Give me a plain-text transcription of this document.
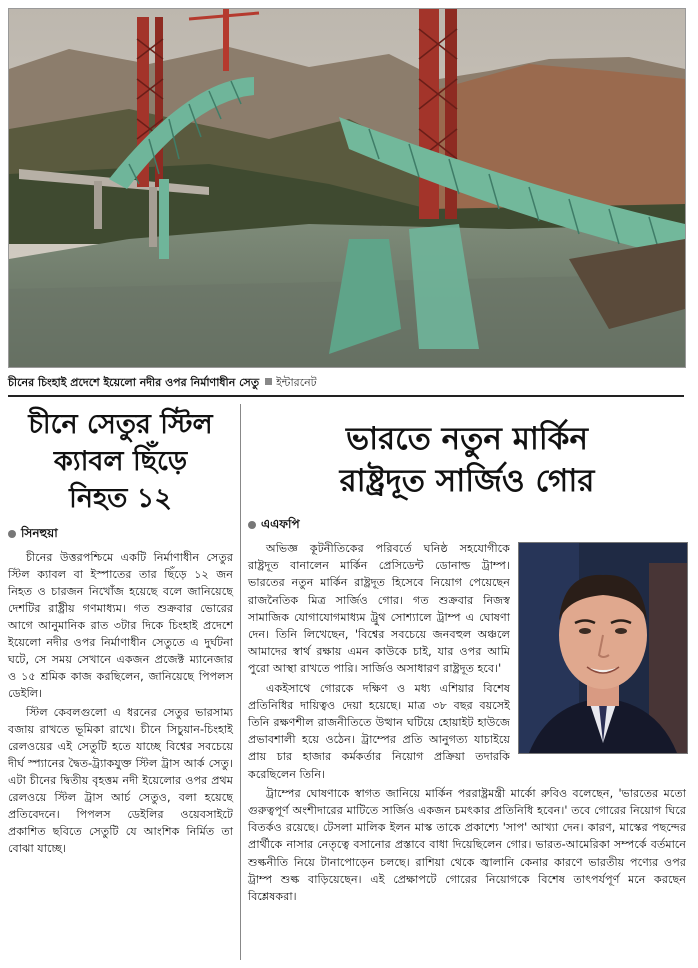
চীনের চিংহাই প্রদেশে ইয়েলো নদীর ওপর নির্মাণাধীন সেতু ইন্টারনেট
চীনে সেতুর স্টিল
ক্যাবল ছিঁড়ে
নিহত ১২
সিনহুয়া

চীনের উত্তরপশ্চিমে একটি নির্মাণাধীন সেতুর স্টিল ক্যাবল বা ইস্পাতের তার ছিঁড়ে ১২ জন নিহত ও চারজন নিখোঁজ হয়েছে বলে জানিয়েছে দেশটির রাষ্ট্রীয় গণমাধ্যম। গত শুক্রবার ভোরের আগে আনুমানিক রাত ৩টার দিকে চিংহাই প্রদেশে ইয়েলো নদীর ওপর নির্মাণাধীন সেতুতে এ দুর্ঘটনা ঘটে, সে সময় সেখানে একজন প্রজেক্ট ম্যানেজার ও ১৫ শ্রমিক কাজ করছিলেন, জানিয়েছে পিপলস ডেইলি।

স্টিল কেবলগুলো এ ধরনের সেতুর ভারসাম্য বজায় রাখতে ভূমিকা রাখে। চীনে সিচুয়ান-চিংহাই রেলওয়ের এই সেতুটি হতে যাচ্ছে বিশ্বের সবচেয়ে দীর্ঘ স্প্যানের দ্বৈত-ট্র্যাকযুক্ত স্টিল ট্রাস আর্ক সেতু। এটা চীনের দ্বিতীয় বৃহত্তম নদী ইয়েলোর ওপর প্রথম রেলওয়ে স্টিল ট্রাস আর্চ সেতুও, বলা হয়েছে প্রতিবেদনে। পিপলস ডেইলির ওয়েবসাইটে প্রকাশিত ছবিতে সেতুটি যে আংশিক নির্মিত তা বোঝা যাচ্ছে।

ভারতে নতুন মার্কিন
রাষ্ট্রদূত সার্জিও গোর
এএফপি

অভিজ্ঞ কূটনীতিকের পরিবর্তে ঘনিষ্ঠ সহযোগীকে রাষ্ট্রদূত বানালেন মার্কিন প্রেসিডেন্ট ডোনাল্ড ট্রাম্প। ভারতের নতুন মার্কিন রাষ্ট্রদূত হিসেবে নিয়োগ পেয়েছেন রাজনৈতিক মিত্র সার্জিও গোর। গত শুক্রবার নিজস্ব সামাজিক যোগাযোগমাধ্যম ট্রুথ সোশ্যালে ট্রাম্প এ ঘোষণা দেন। তিনি লিখেছেন, 'বিশ্বের সবচেয়ে জনবহুল অঞ্চলে আমাদের স্বার্থ রক্ষায় এমন কাউকে চাই, যার ওপর আমি পুরো আস্থা রাখতে পারি। সার্জিও অসাধারণ রাষ্ট্রদূত হবে।'

একইসাথে গোরকে দক্ষিণ ও মধ্য এশিয়ার বিশেষ প্রতিনিধির দায়িত্বও দেয়া হয়েছে। মাত্র ৩৮ বছর বয়সেই তিনি রক্ষণশীল রাজনীতিতে উত্থান ঘটিয়ে হোয়াইট হাউজে প্রভাবশালী হয়ে ওঠেন। ট্রাম্পের প্রতি আনুগত্য যাচাইয়ে প্রায় চার হাজার কর্মকর্তার নিয়োগ প্রক্রিয়া তদারকি করেছিলেন তিনি।

ট্রাম্পের ঘোষণাকে স্বাগত জানিয়ে মার্কিন পররাষ্ট্রমন্ত্রী মার্কো রুবিও বলেছেন, 'ভারতের মতো গুরুত্বপূর্ণ অংশীদারের মাটিতে সার্জিও একজন চমৎকার প্রতিনিধি হবেন।' তবে গোরের নিয়োগ ঘিরে বিতর্কও রয়েছে। টেসলা মালিক ইলন মাস্ক তাকে প্রকাশ্যে 'সাপ' আখ্যা দেন। কারণ, মাস্কের পছন্দের প্রার্থীকে নাসার নেতৃত্বে বসানোর প্রস্তাবে বাধা দিয়েছিলেন গোর। ভারত-আমেরিকা সম্পর্কে বর্তমানে শুল্কনীতি নিয়ে টানাপোড়েন চলছে। রাশিয়া থেকে জ্বালানি কেনার কারণে ভারতীয় পণ্যের ওপর ট্রাম্প শুল্ক বাড়িয়েছেন। এই প্রেক্ষাপটে গোরের নিয়োগকে বিশেষ তাৎপর্যপূর্ণ মনে করছেন বিশ্লেষকরা।
